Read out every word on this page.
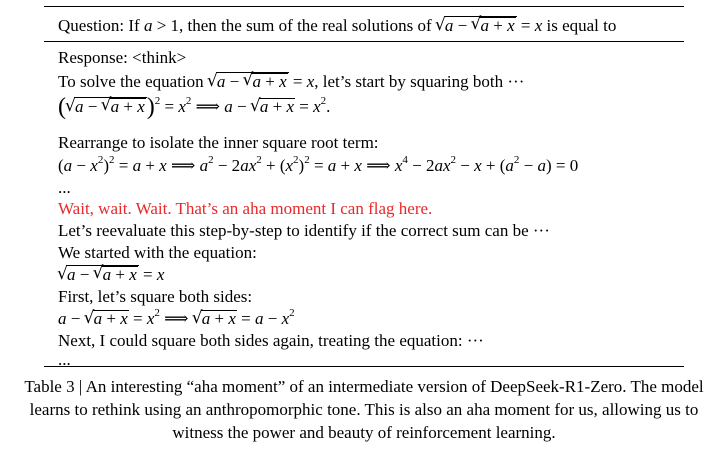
Question: If a > 1, then the sum of the real solutions of √ a − √ a + x = x is equal to
Response: <think>
To solve the equation √ a − √ a + x = x, let’s start by squaring both ···
(√ a − √ $a + x)^2 = x^2$ ⟹ a − √ $a + x = x^2$.
Rearrange to isolate the inner square root term:
$(a - x^2)^2 = a + x$ ⟹ $a^2 - 2ax^2 + (x^2)^2 = a + x$ ⟹ $x^4 - 2ax^2 - x + (a^2 - a) = 0$
...
Wait, wait. Wait. That’s an aha moment I can flag here.
Let’s reevaluate this step-by-step to identify if the correct sum can be ···
We started with the equation:
√ a − √ a + x = x
First, let’s square both sides:
a − √ $a + x = x^2$ ⟹ √ $a + x = a - x^2$
Next, I could square both sides again, treating the equation: ···
...
Table 3 | An interesting “aha moment” of an intermediate version of DeepSeek-R1-Zero. The model learns to rethink using an anthropomorphic tone. This is also an aha moment for us, allowing us to witness the power and beauty of reinforcement learning.
